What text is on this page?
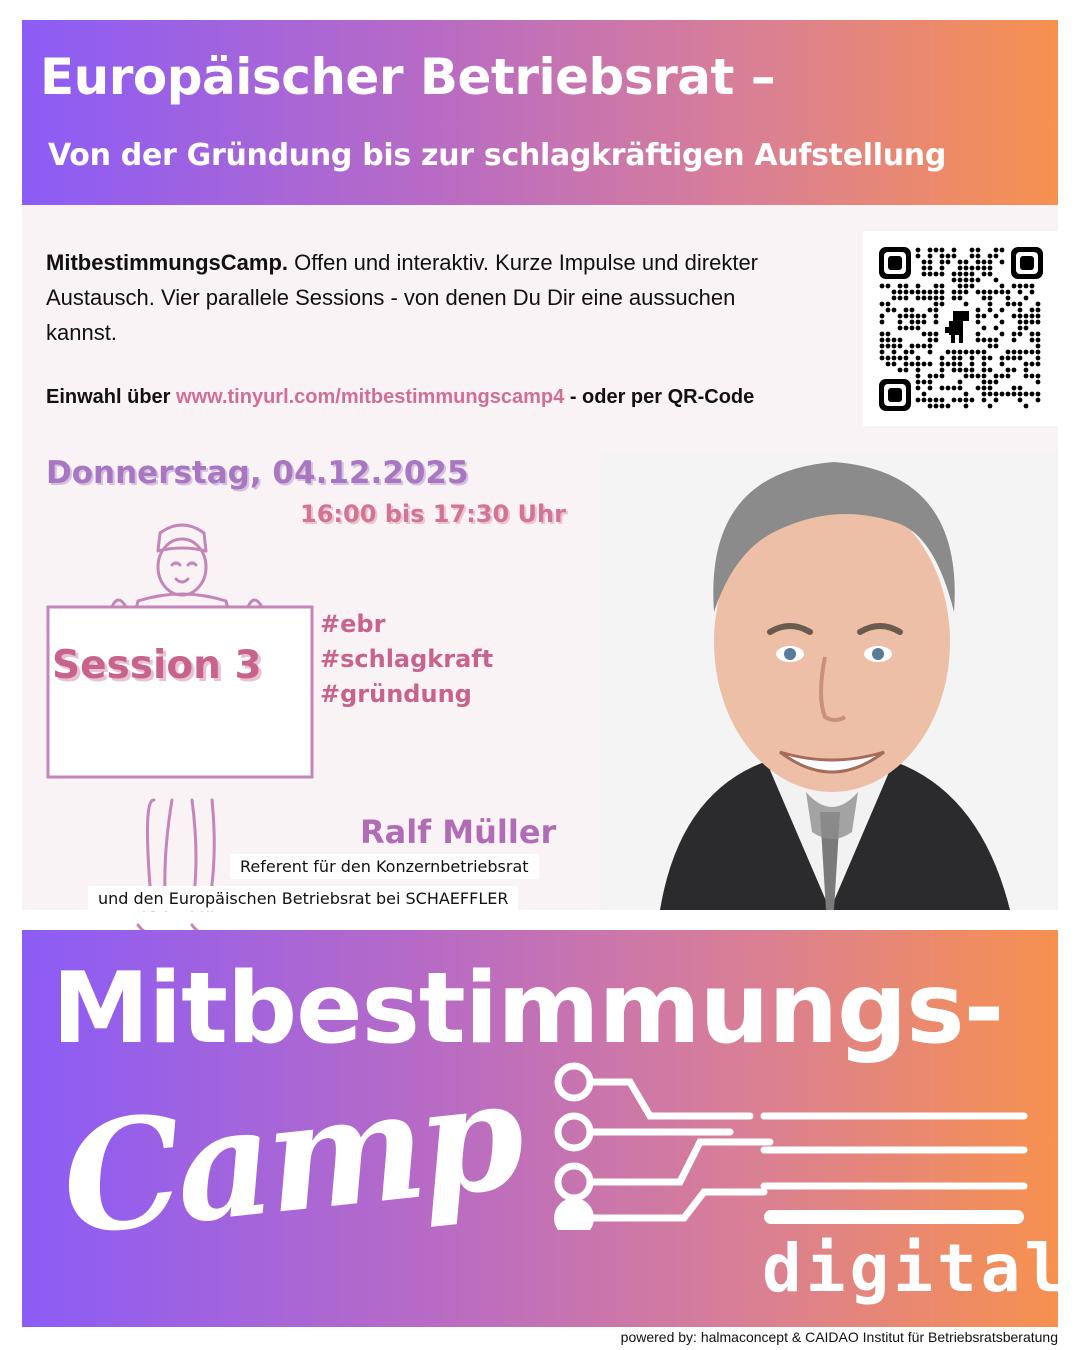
Europäischer Betriebsrat –
Von der Gründung bis zur schlagkräftigen Aufstellung
MitbestimmungsCamp. Offen und interaktiv. Kurze Impulse und direkter Austausch. Vier parallele Sessions - von denen Du Dir eine aussuchen kannst.
Einwahl über www.tinyurl.com/mitbestimmungscamp4 - oder per QR-Code
Donnerstag, 04.12.2025
16:00 bis 17:30 Uhr
Session 3
#ebr
#schlagkraft
#gründung
Ralf Müller
Referent für den Konzernbetriebsrat
und den Europäischen Betriebsrat bei SCHAEFFLER
Mitbestimmungs-
Camp	digital
powered by: halmaconcept & CAIDAO Institut für Betriebsratsberatung
